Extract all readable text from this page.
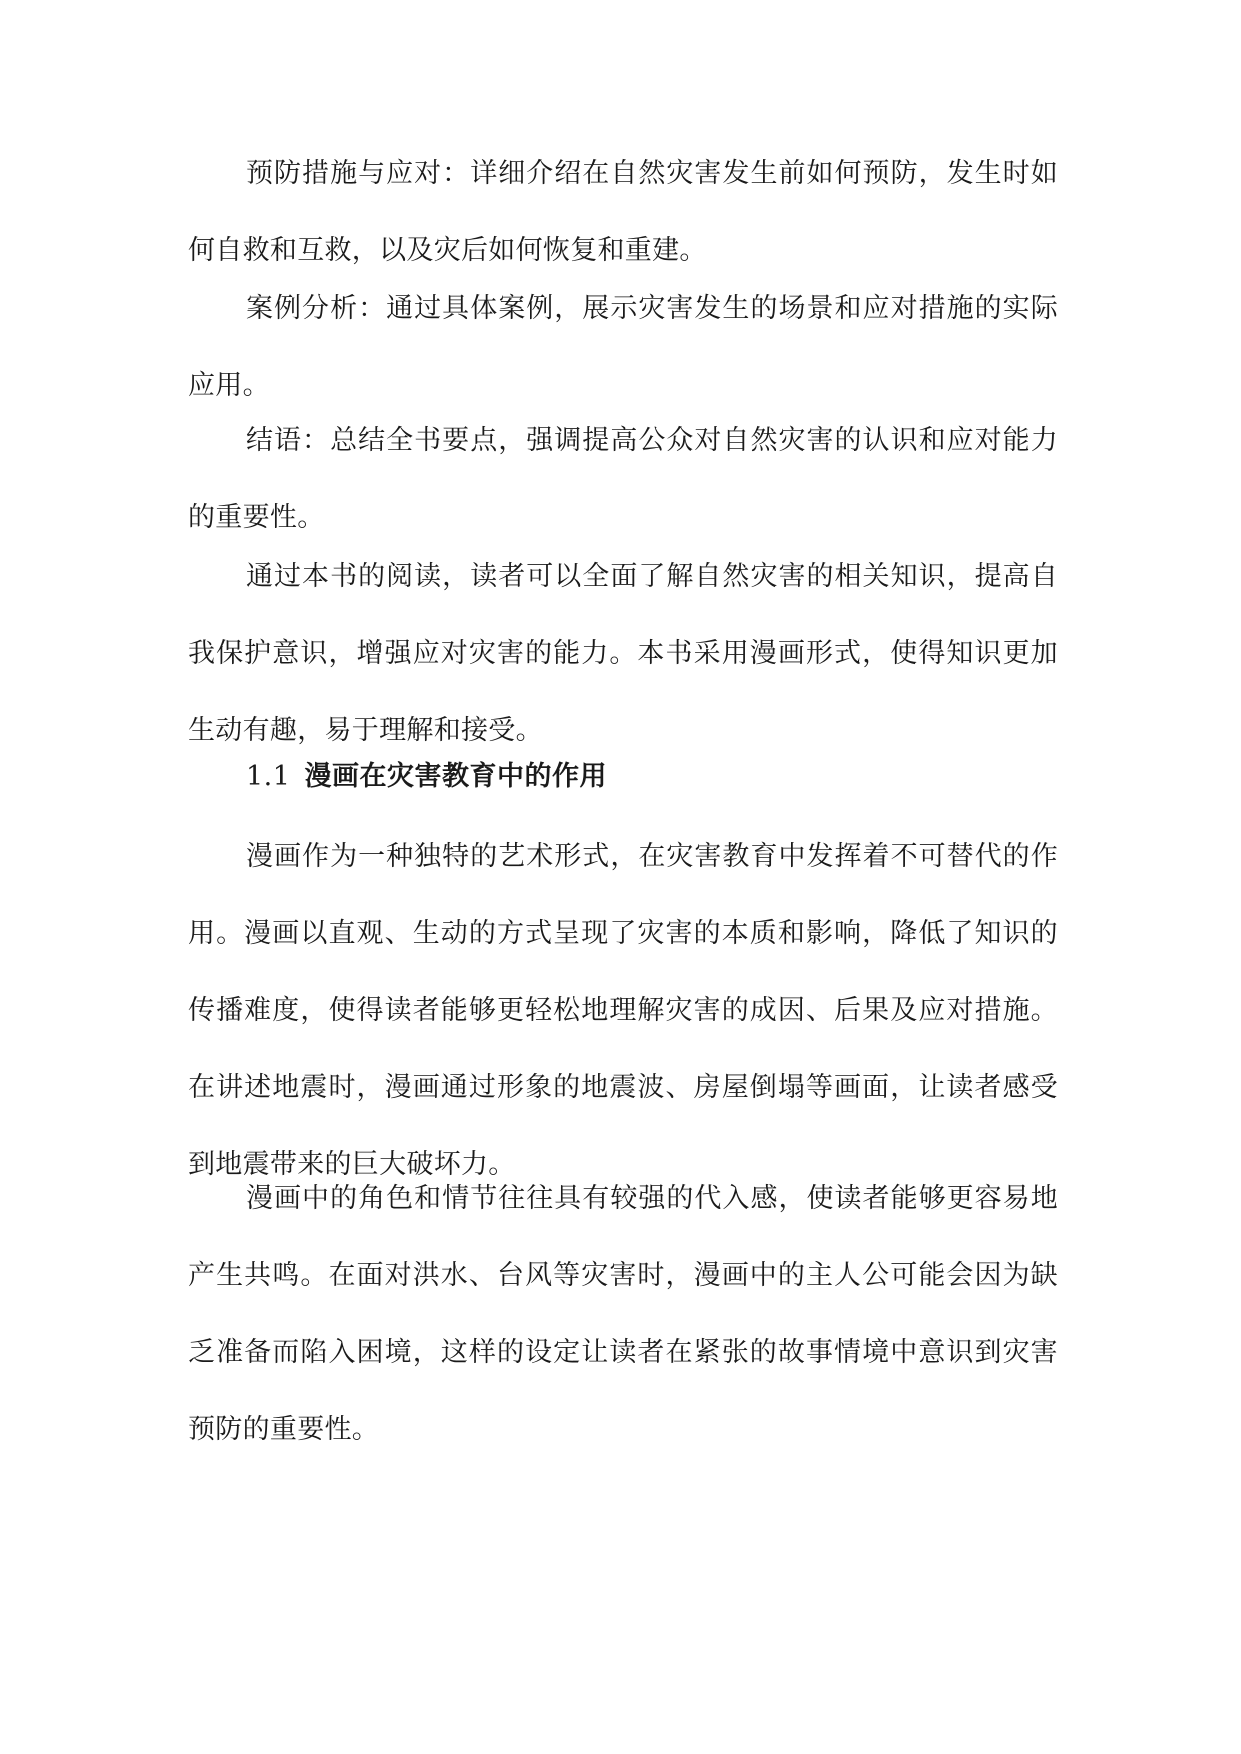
预防措施与应对：详细介绍在自然灾害发生前如何预防，发生时如何自救和互救，以及灾后如何恢复和重建。

案例分析：通过具体案例，展示灾害发生的场景和应对措施的实际应用。

结语：总结全书要点，强调提高公众对自然灾害的认识和应对能力的重要性。

通过本书的阅读，读者可以全面了解自然灾害的相关知识，提高自我保护意识，增强应对灾害的能力。本书采用漫画形式，使得知识更加生动有趣，易于理解和接受。

1.1 漫画在灾害教育中的作用

漫画作为一种独特的艺术形式，在灾害教育中发挥着不可替代的作用。漫画以直观、生动的方式呈现了灾害的本质和影响，降低了知识的传播难度，使得读者能够更轻松地理解灾害的成因、后果及应对措施。在讲述地震时，漫画通过形象的地震波、房屋倒塌等画面，让读者感受到地震带来的巨大破坏力。

漫画中的角色和情节往往具有较强的代入感，使读者能够更容易地产生共鸣。在面对洪水、台风等灾害时，漫画中的主人公可能会因为缺乏准备而陷入困境，这样的设定让读者在紧张的故事情境中意识到灾害预防的重要性。
